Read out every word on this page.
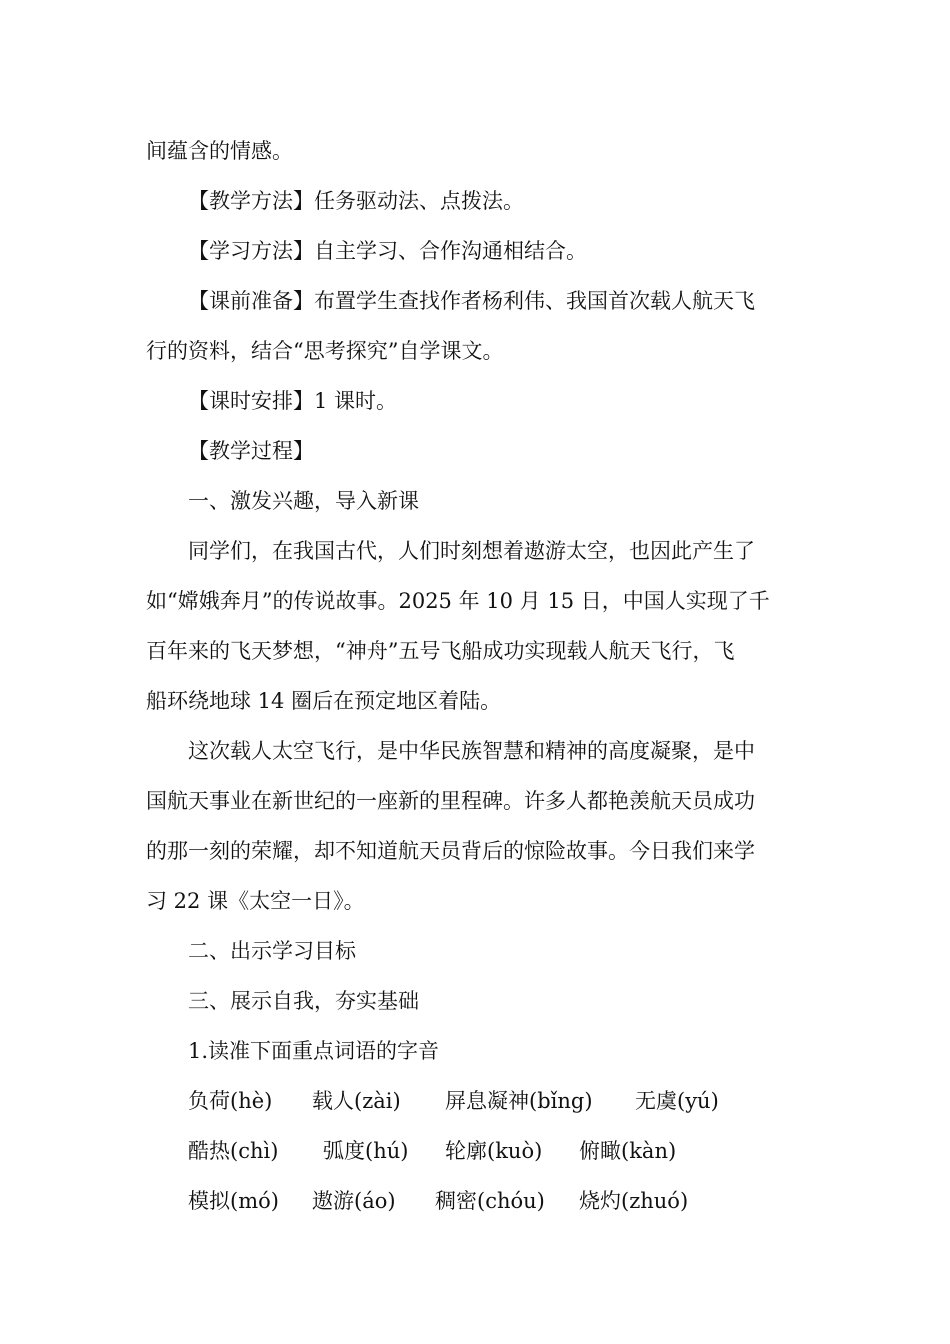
间蕴含的情感。
【教学方法】任务驱动法、点拨法。
【学习方法】自主学习、合作沟通相结合。
【课前准备】布置学生查找作者杨利伟、我国首次载人航天飞
行的资料，结合“思考探究”自学课文。
【课时安排】1 课时。
【教学过程】
一、激发兴趣，导入新课
同学们，在我国古代，人们时刻想着遨游太空，也因此产生了
如“嫦娥奔月”的传说故事。2025 年 10 月 15 日，中国人实现了千
百年来的飞天梦想，“神舟”五号飞船成功实现载人航天飞行，飞
船环绕地球 14 圈后在预定地区着陆。
这次载人太空飞行，是中华民族智慧和精神的高度凝聚，是中
国航天事业在新世纪的一座新的里程碑。许多人都艳羡航天员成功
的那一刻的荣耀，却不知道航天员背后的惊险故事。今日我们来学
习 22 课《太空一日》。
二、出示学习目标
三、展示自我，夯实基础
1.读准下面重点词语的字音
负荷(hè) 载人(zài) 屏息凝神(bǐng) 无虞(yú)
酷热(chì) 弧度(hú) 轮廓(kuò) 俯瞰(kàn)
模拟(mó) 遨游(áo) 稠密(chóu) 烧灼(zhuó)
